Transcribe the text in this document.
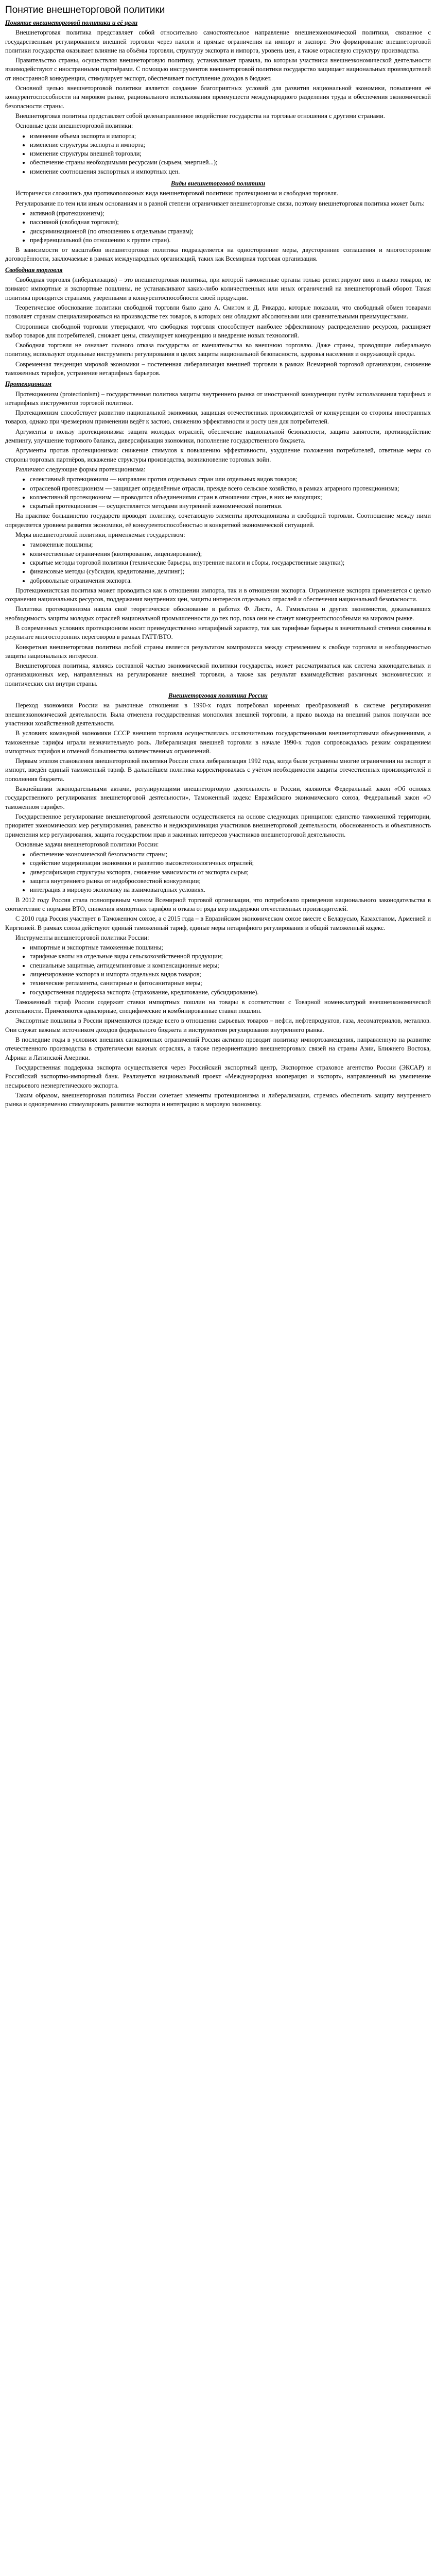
Понятие внешнеторговой политики
Понятие внешнеторговой политики и её цели

Внешнеторговая политика представляет собой относительно самостоятельное направление внешнеэкономической политики, связанное с государственным регулированием внешней торговли через налоги и прямые ограничения на импорт и экспорт. Это формирование внешнеторговой политики государства оказывает влияние на объёмы торговли, структуру экспорта и импорта, уровень цен, а также отраслевую структуру производства.

Правительство страны, осуществляя внешнеторговую политику, устанавливает правила, по которым участники внешнеэкономической деятельности взаимодействуют с иностранными партнёрами. С помощью инструментов внешнеторговой политики государство защищает национальных производителей от иностранной конкуренции, стимулирует экспорт, обеспечивает поступление доходов в бюджет.

Основной целью внешнеторговой политики является создание благоприятных условий для развития национальной экономики, повышения её конкурентоспособности на мировом рынке, рационального использования преимуществ международного разделения труда и обеспечения экономической безопасности страны.

Внешнеторговая политика представляет собой целенаправленное воздействие государства на торговые отношения с другими странами.

Основные цели внешнеторговой политики:

• изменение объема экспорта и импорта;
• изменение структуры экспорта и импорта;
• изменение структуры внешней торговли;
• обеспечение страны необходимыми ресурсами (сырьем, энергией...);
• изменение соотношения экспортных и импортных цен.
Виды внешнеторговой политики

Исторически сложились два противоположных вида внешнеторговой политики: протекционизм и свободная торговля.

Регулирование по тем или иным основаниям и в разной степени ограничивает внешнеторговые связи, поэтому внешнеторговая политика может быть:

• активной (протекционизм);
• пассивной (свободная торговля);
• дискриминационной (по отношению к отдельным странам);
• преференциальной (по отношению к группе стран).

В зависимости от масштабов внешнеторговая политика подразделяется на односторонние меры, двусторонние соглашения и многосторонние договорённости, заключаемые в рамках международных организаций, таких как Всемирная торговая организация.

Свободная торговля

Свободная торговля (либерализация) – это внешнеторговая политика, при которой таможенные органы только регистрируют ввоз и вывоз товаров, не взимают импортные и экспортные пошлины, не устанавливают каких-либо количественных или иных ограничений на внешнеторговый оборот. Такая политика проводится странами, уверенными в конкурентоспособности своей продукции.

Теоретическое обоснование политики свободной торговли было дано А. Смитом и Д. Рикардо, которые показали, что свободный обмен товарами позволяет странам специализироваться на производстве тех товаров, в которых они обладают абсолютными или сравнительными преимуществами.

Сторонники свободной торговли утверждают, что свободная торговля способствует наиболее эффективному распределению ресурсов, расширяет выбор товаров для потребителей, снижает цены, стимулирует конкуренцию и внедрение новых технологий.

Свободная торговля не означает полного отказа государства от вмешательства во внешнюю торговлю. Даже страны, проводящие либеральную политику, используют отдельные инструменты регулирования в целях защиты национальной безопасности, здоровья населения и окружающей среды.

Современная тенденция мировой экономики – постепенная либерализация внешней торговли в рамках Всемирной торговой организации, снижение таможенных тарифов, устранение нетарифных барьеров.

Протекционизм

Протекционизм (protectionism) – государственная политика защиты внутреннего рынка от иностранной конкуренции путём использования тарифных и нетарифных инструментов торговой политики.

Протекционизм способствует развитию национальной экономики, защищая отечественных производителей от конкуренции со стороны иностранных товаров, однако при чрезмерном применении ведёт к застою, снижению эффективности и росту цен для потребителей.

Аргументы в пользу протекционизма: защита молодых отраслей, обеспечение национальной безопасности, защита занятости, противодействие демпингу, улучшение торгового баланса, диверсификация экономики, пополнение государственного бюджета.

Аргументы против протекционизма: снижение стимулов к повышению эффективности, ухудшение положения потребителей, ответные меры со стороны торговых партнёров, искажение структуры производства, возникновение торговых войн.

Различают следующие формы протекционизма:

• селективный протекционизм — направлен против отдельных стран или отдельных видов товаров;
• отраслевой протекционизм — защищает определённые отрасли, прежде всего сельское хозяйство, в рамках аграрного протекционизма;
• коллективный протекционизм — проводится объединениями стран в отношении стран, в них не входящих;
• скрытый протекционизм — осуществляется методами внутренней экономической политики.

На практике большинство государств проводят политику, сочетающую элементы протекционизма и свободной торговли. Соотношение между ними определяется уровнем развития экономики, её конкурентоспособностью и конкретной экономической ситуацией.

Меры внешнеторговой политики, применяемые государством:

• таможенные пошлины;
• количественные ограничения (квотирование, лицензирование);
• скрытые методы торговой политики (технические барьеры, внутренние налоги и сборы, государственные закупки);
• финансовые методы (субсидии, кредитование, демпинг);
• добровольные ограничения экспорта.

Протекционистская политика может проводиться как в отношении импорта, так и в отношении экспорта. Ограничение экспорта применяется с целью сохранения национальных ресурсов, поддержания внутренних цен, защиты интересов отдельных отраслей и обеспечения национальной безопасности.

Политика протекционизма нашла своё теоретическое обоснование в работах Ф. Листа, А. Гамильтона и других экономистов, доказывавших необходимость защиты молодых отраслей национальной промышленности до тех пор, пока они не станут конкурентоспособными на мировом рынке.

В современных условиях протекционизм носит преимущественно нетарифный характер, так как тарифные барьеры в значительной степени снижены в результате многосторонних переговоров в рамках ГАТТ/ВТО.

Конкретная внешнеторговая политика любой страны является результатом компромисса между стремлением к свободе торговли и необходимостью защиты национальных интересов.

Внешнеторговая политика, являясь составной частью экономической политики государства, может рассматриваться как система законодательных и организационных мер, направленных на регулирование внешней торговли, а также как результат взаимодействия различных экономических и политических сил внутри страны.

Внешнеторговая политика России

Переход экономики России на рыночные отношения в 1990-х годах потребовал коренных преобразований в системе регулирования внешнеэкономической деятельности. Была отменена государственная монополия внешней торговли, а право выхода на внешний рынок получили все участники хозяйственной деятельности.

В условиях командной экономики СССР внешняя торговля осуществлялась исключительно государственными внешнеторговыми объединениями, а таможенные тарифы играли незначительную роль. Либерализация внешней торговли в начале 1990-х годов сопровождалась резким сокращением импортных тарифов и отменой большинства количественных ограничений.

Первым этапом становления внешнеторговой политики России стала либерализация 1992 года, когда были устранены многие ограничения на экспорт и импорт, введён единый таможенный тариф. В дальнейшем политика корректировалась с учётом необходимости защиты отечественных производителей и пополнения бюджета.

Важнейшими законодательными актами, регулирующими внешнеторговую деятельность в России, являются Федеральный закон «Об основах государственного регулирования внешнеторговой деятельности», Таможенный кодекс Евразийского экономического союза, Федеральный закон «О таможенном тарифе».

Государственное регулирование внешнеторговой деятельности осуществляется на основе следующих принципов: единство таможенной территории, приоритет экономических мер регулирования, равенство и недискриминация участников внешнеторговой деятельности, обоснованность и объективность применения мер регулирования, защита государством прав и законных интересов участников внешнеторговой деятельности.

Основные задачи внешнеторговой политики России:

• обеспечение экономической безопасности страны;
• содействие модернизации экономики и развитию высокотехнологичных отраслей;
• диверсификация структуры экспорта, снижение зависимости от экспорта сырья;
• защита внутреннего рынка от недобросовестной конкуренции;
• интеграция в мировую экономику на взаимовыгодных условиях.

В 2012 году Россия стала полноправным членом Всемирной торговой организации, что потребовало приведения национального законодательства в соответствие с нормами ВТО, снижения импортных тарифов и отказа от ряда мер поддержки отечественных производителей.

С 2010 года Россия участвует в Таможенном союзе, а с 2015 года – в Евразийском экономическом союзе вместе с Беларусью, Казахстаном, Арменией и Киргизией. В рамках союза действуют единый таможенный тариф, единые меры нетарифного регулирования и общий таможенный кодекс.

Инструменты внешнеторговой политики России:

• импортные и экспортные таможенные пошлины;
• тарифные квоты на отдельные виды сельскохозяйственной продукции;
• специальные защитные, антидемпинговые и компенсационные меры;
• лицензирование экспорта и импорта отдельных видов товаров;
• технические регламенты, санитарные и фитосанитарные меры;
• государственная поддержка экспорта (страхование, кредитование, субсидирование).

Таможенный тариф России содержит ставки импортных пошлин на товары в соответствии с Товарной номенклатурой внешнеэкономической деятельности. Применяются адвалорные, специфические и комбинированные ставки пошлин.

Экспортные пошлины в России применяются прежде всего в отношении сырьевых товаров – нефти, нефтепродуктов, газа, лесоматериалов, металлов. Они служат важным источником доходов федерального бюджета и инструментом регулирования внутреннего рынка.

В последние годы в условиях внешних санкционных ограничений Россия активно проводит политику импортозамещения, направленную на развитие отечественного производства в стратегически важных отраслях, а также переориентацию внешнеторговых связей на страны Азии, Ближнего Востока, Африки и Латинской Америки.

Государственная поддержка экспорта осуществляется через Российский экспортный центр, Экспортное страховое агентство России (ЭКСАР) и Российский экспортно-импортный банк. Реализуется национальный проект «Международная кооперация и экспорт», направленный на увеличение несырьевого неэнергетического экспорта.

Таким образом, внешнеторговая политика России сочетает элементы протекционизма и либерализации, стремясь обеспечить защиту внутреннего рынка и одновременно стимулировать развитие экспорта и интеграцию в мировую экономику.
